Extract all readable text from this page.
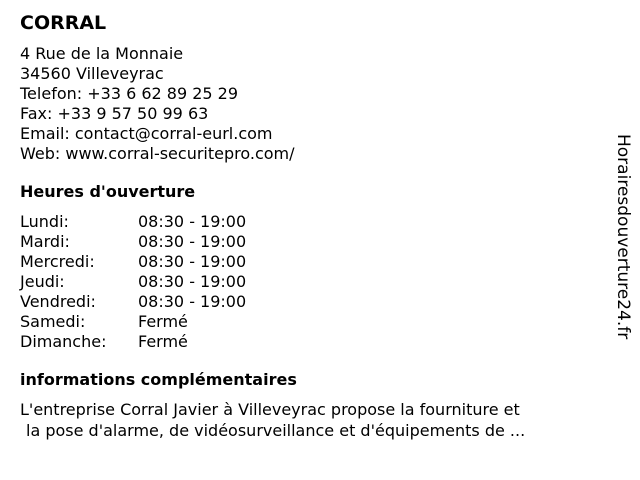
CORRAL
4 Rue de la Monnaie
34560 Villeveyrac
Telefon: +33 6 62 89 25 29
Fax: +33 9 57 50 99 63
Email: contact@corral-eurl.com
Web: www.corral-securitepro.com/
Heures d'ouverture
Lundi:	08:30 - 19:00
Mardi:	08:30 - 19:00
Mercredi:	08:30 - 19:00
Jeudi:	08:30 - 19:00
Vendredi:	08:30 - 19:00
Samedi:	Fermé
Dimanche: Fermé
informations complémentaires
L'entreprise Corral Javier à Villeveyrac propose la fourniture et
la pose d'alarme, de vidéosurveillance et d'équipements de ...
Horairesdouverture24.fr
